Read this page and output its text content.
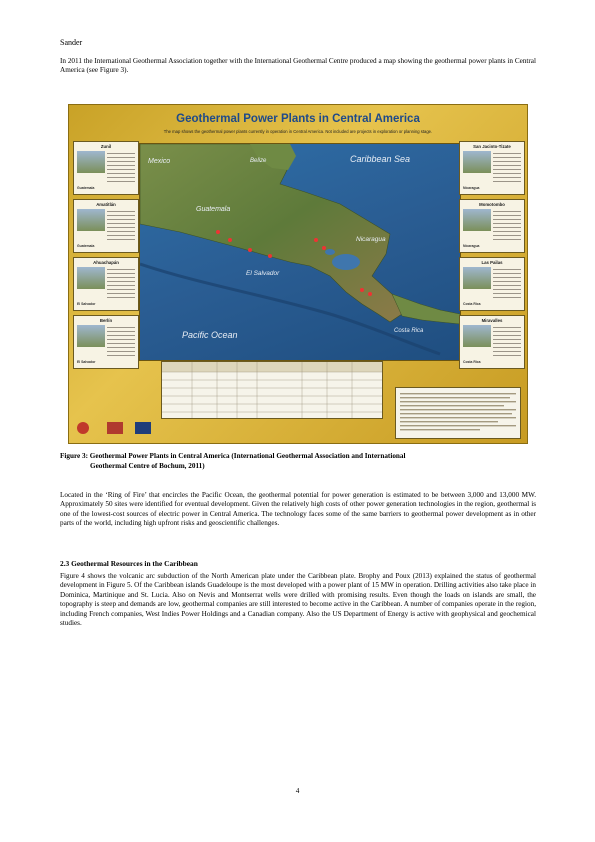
Sander

In 2011 the International Geothermal Association together with the International Geothermal Centre produced a map showing the geothermal power plants in Central America (see Figure 3).

Geothermal Power Plants in Central America
The map shows the geothermal power plants currently in operation in Central America. Not included are projects in exploration or planning stage.
Mexico	Belize	Caribbean Sea
Guatemala
El Salvador
Nicaragua
Pacific Ocean	Costa Rica
Zunil
Guatemala
Amatitlán
Guatemala
Ahuachapán
El Salvador
Berlín
El Salvador
San Jacinto-Tizate
Nicaragua
Momotombo
Nicaragua
Las Pailas
Costa Rica
Miravalles
Costa Rica

Figure 3: Geothermal Power Plants in Central America (International Geothermal Association and International
Geothermal Centre of Bochum, 2011)

Located in the ‘Ring of Fire’ that encircles the Pacific Ocean, the geothermal potential for power generation is estimated to be between 3,000 and 13,000 MW. Approximately 50 sites were identified for eventual development. Given the relatively high costs of other power generation technologies in the region, geothermal is one of the lowest-cost sources of electric power in Central America. The technology faces some of the same barriers to geothermal power development as in other parts of the world, including high upfront risks and geoscientific challenges.

2.3 Geothermal Resources in the Caribbean

Figure 4 shows the volcanic arc subduction of the North American plate under the Caribbean plate. Brophy and Poux (2013) explained the status of geothermal development in Figure 5. Of the Caribbean islands Guadeloupe is the most developed with a power plant of 15 MW in operation. Drilling activities also take place in Dominica, Martinique and St. Lucia. Also on Nevis and Montserrat wells were drilled with promising results. Even though the loads on islands are small, the topography is steep and demands are low, geothermal companies are still interested to become active in the Caribbean. A number of companies operate in the region, including French companies, West Indies Power Holdings and a Canadian company. Also the US Department of Energy is active with geophysical and geochemical studies.

4
